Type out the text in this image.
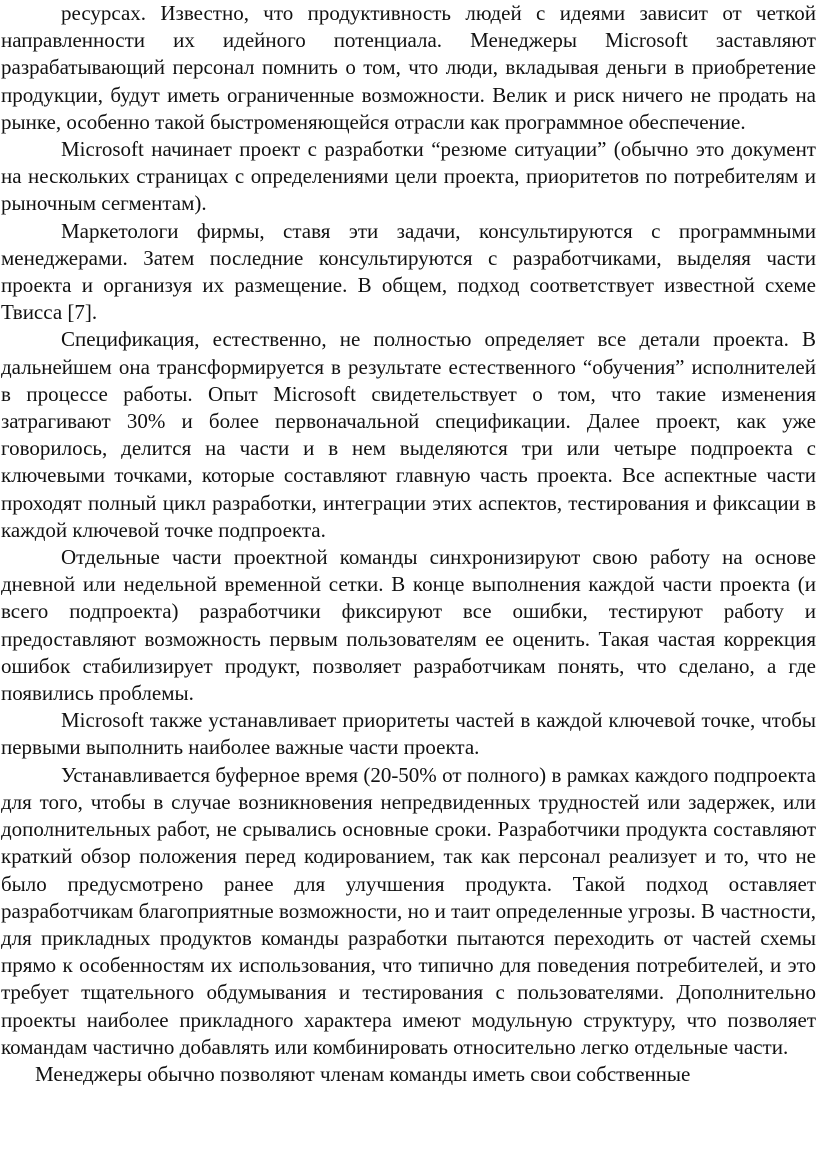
ресурсах. Известно, что продуктивность людей с идеями зависит от четкой направленности их идейного потенциала. Менеджеры Microsoft заставляют разрабатывающий персонал помнить о том, что люди, вкладывая деньги в приобретение продукции, будут иметь ограниченные возможности. Велик и риск ничего не продать на рынке, особенно такой быстроменяющейся отрасли как программное обеспечение.

Microsoft начинает проект с разработки “резюме ситуации” (обычно это документ на нескольких страницах с определениями цели проекта, приоритетов по потребителям и рыночным сегментам).

Маркетологи фирмы, ставя эти задачи, консультируются с программными менеджерами. Затем последние консультируются с разработчиками, выделяя части проекта и организуя их размещение. В общем, подход соответствует известной схеме Твисса [7].

Спецификация, естественно, не полностью определяет все детали проекта. В дальнейшем она трансформируется в результате естественного “обучения” исполнителей в процессе работы. Опыт Microsoft свидетельствует о том, что такие изменения затрагивают 30% и более первоначальной спецификации. Далее проект, как уже говорилось, делится на части и в нем выделяются три или четыре подпроекта с ключевыми точками, которые составляют главную часть проекта. Все аспектные части проходят полный цикл разработки, интеграции этих аспектов, тестирования и фиксации в каждой ключевой точке подпроекта.

Отдельные части проектной команды синхронизируют свою работу на основе дневной или недельной временной сетки. В конце выполнения каждой части проекта (и всего подпроекта) разработчики фиксируют все ошибки, тестируют работу и предоставляют возможность первым пользователям ее оценить. Такая частая коррекция ошибок стабилизирует продукт, позволяет разработчикам понять, что сделано, а где появились проблемы.

Microsoft также устанавливает приоритеты частей в каждой ключевой точке, чтобы первыми выполнить наиболее важные части проекта.

Устанавливается буферное время (20-50% от полного) в рамках каждого подпроекта для того, чтобы в случае возникновения непредвиденных трудностей или задержек, или дополнительных работ, не срывались основные сроки. Разработчики продукта составляют краткий обзор положения перед кодированием, так как персонал реализует и то, что не было предусмотрено ранее для улучшения продукта. Такой подход оставляет разработчикам благоприятные возможности, но и таит определенные угрозы. В частности, для прикладных продуктов команды разработки пытаются переходить от частей схемы прямо к особенностям их использования, что типично для поведения потребителей, и это требует тщательного обдумывания и тестирования с пользователями. Дополнительно проекты наиболее прикладного характера имеют модульную структуру, что позволяет командам частично добавлять или комбинировать относительно легко отдельные части.

Менеджеры обычно позволяют членам команды иметь свои собственные
